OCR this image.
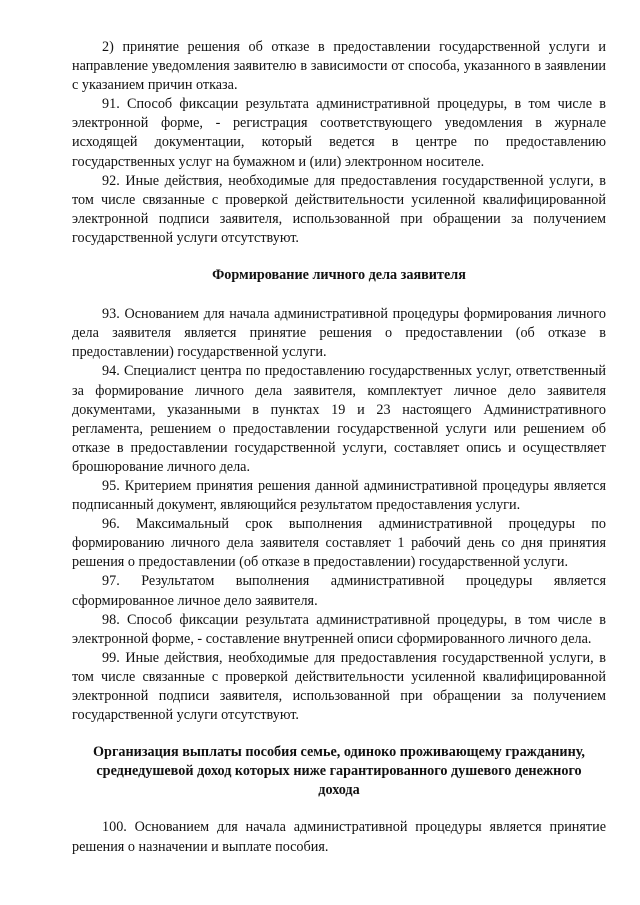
2) принятие решения об отказе в предоставлении государственной услуги и направление уведомления заявителю в зависимости от способа, указанного в заявлении с указанием причин отказа.

91. Способ фиксации результата административной процедуры, в том числе в электронной форме, - регистрация соответствующего уведомления в журнале исходящей документации, который ведется в центре по предоставлению государственных услуг на бумажном и (или) электронном носителе.

92. Иные действия, необходимые для предоставления государственной услуги, в том числе связанные с проверкой действительности усиленной квалифицированной электронной подписи заявителя, использованной при обращении за получением государственной услуги отсутствуют.

Формирование личного дела заявителя

93. Основанием для начала административной процедуры формирования личного дела заявителя является принятие решения о предоставлении (об отказе в предоставлении) государственной услуги.

94. Специалист центра по предоставлению государственных услуг, ответственный за формирование личного дела заявителя, комплектует личное дело заявителя документами, указанными в пунктах 19 и 23 настоящего Административного регламента, решением о предоставлении государственной услуги или решением об отказе в предоставлении государственной услуги, составляет опись и осуществляет брошюрование личного дела.

95. Критерием принятия решения данной административной процедуры является подписанный документ, являющийся результатом предоставления услуги.

96. Максимальный срок выполнения административной процедуры по формированию личного дела заявителя составляет 1 рабочий день со дня принятия решения о предоставлении (об отказе в предоставлении) государственной услуги.

97. Результатом выполнения административной процедуры является сформированное личное дело заявителя.

98. Способ фиксации результата административной процедуры, в том числе в электронной форме, - составление внутренней описи сформированного личного дела.

99. Иные действия, необходимые для предоставления государственной услуги, в том числе связанные с проверкой действительности усиленной квалифицированной электронной подписи заявителя, использованной при обращении за получением государственной услуги отсутствуют.

Организация выплаты пособия семье, одиноко проживающему гражданину, среднедушевой доход которых ниже гарантированного душевого денежного дохода

100. Основанием для начала административной процедуры является принятие решения о назначении и выплате пособия.
